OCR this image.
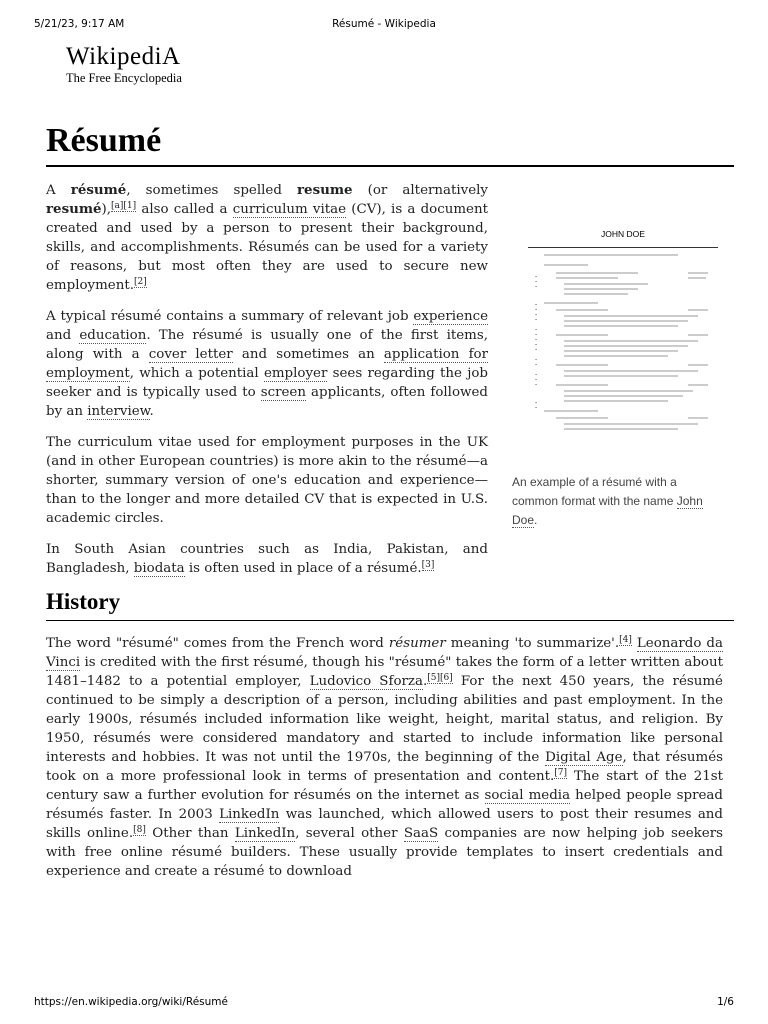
5/21/23, 9:17 AM	Résumé - Wikipedia
WikipediA
The Free Encyclopedia
Résumé

A résumé, sometimes spelled resume (or alternatively resumé),[a][1] also called a curriculum vitae (CV), is a document created and used by a person to present their background, skills, and accomplishments. Résumés can be used for a variety of reasons, but most often they are used to secure new employment.[2]

A typical résumé contains a summary of relevant job experience and education. The résumé is usually one of the first items, along with a cover letter and sometimes an application for employment, which a potential employer sees regarding the job seeker and is typically used to screen applicants, often followed by an interview.

The curriculum vitae used for employment purposes in the UK (and in other European countries) is more akin to the résumé—a shorter, summary version of one's education and experience—than to the longer and more detailed CV that is expected in U.S. academic circles.

In South Asian countries such as India, Pakistan, and Bangladesh, biodata is often used in place of a résumé.[3]

JOHN DOE

•
•
•

•
•
•
•

•
•
•
•
•

•
•

•
•
•

•
•
An example of a résumé with a common format with the name John Doe.
History

The word "résumé" comes from the French word résumer meaning 'to summarize'.[4] Leonardo da Vinci is credited with the first résumé, though his "résumé" takes the form of a letter written about 1481–1482 to a potential employer, Ludovico Sforza.[5][6] For the next 450 years, the résumé continued to be simply a description of a person, including abilities and past employment. In the early 1900s, résumés included information like weight, height, marital status, and religion. By 1950, résumés were considered mandatory and started to include information like personal interests and hobbies. It was not until the 1970s, the beginning of the Digital Age, that résumés took on a more professional look in terms of presentation and content.[7] The start of the 21st century saw a further evolution for résumés on the internet as social media helped people spread résumés faster. In 2003 LinkedIn was launched, which allowed users to post their resumes and skills online.[8] Other than LinkedIn, several other SaaS companies are now helping job seekers with free online résumé builders. These usually provide templates to insert credentials and experience and create a résumé to download

https://en.wikipedia.org/wiki/Résumé	1/6
